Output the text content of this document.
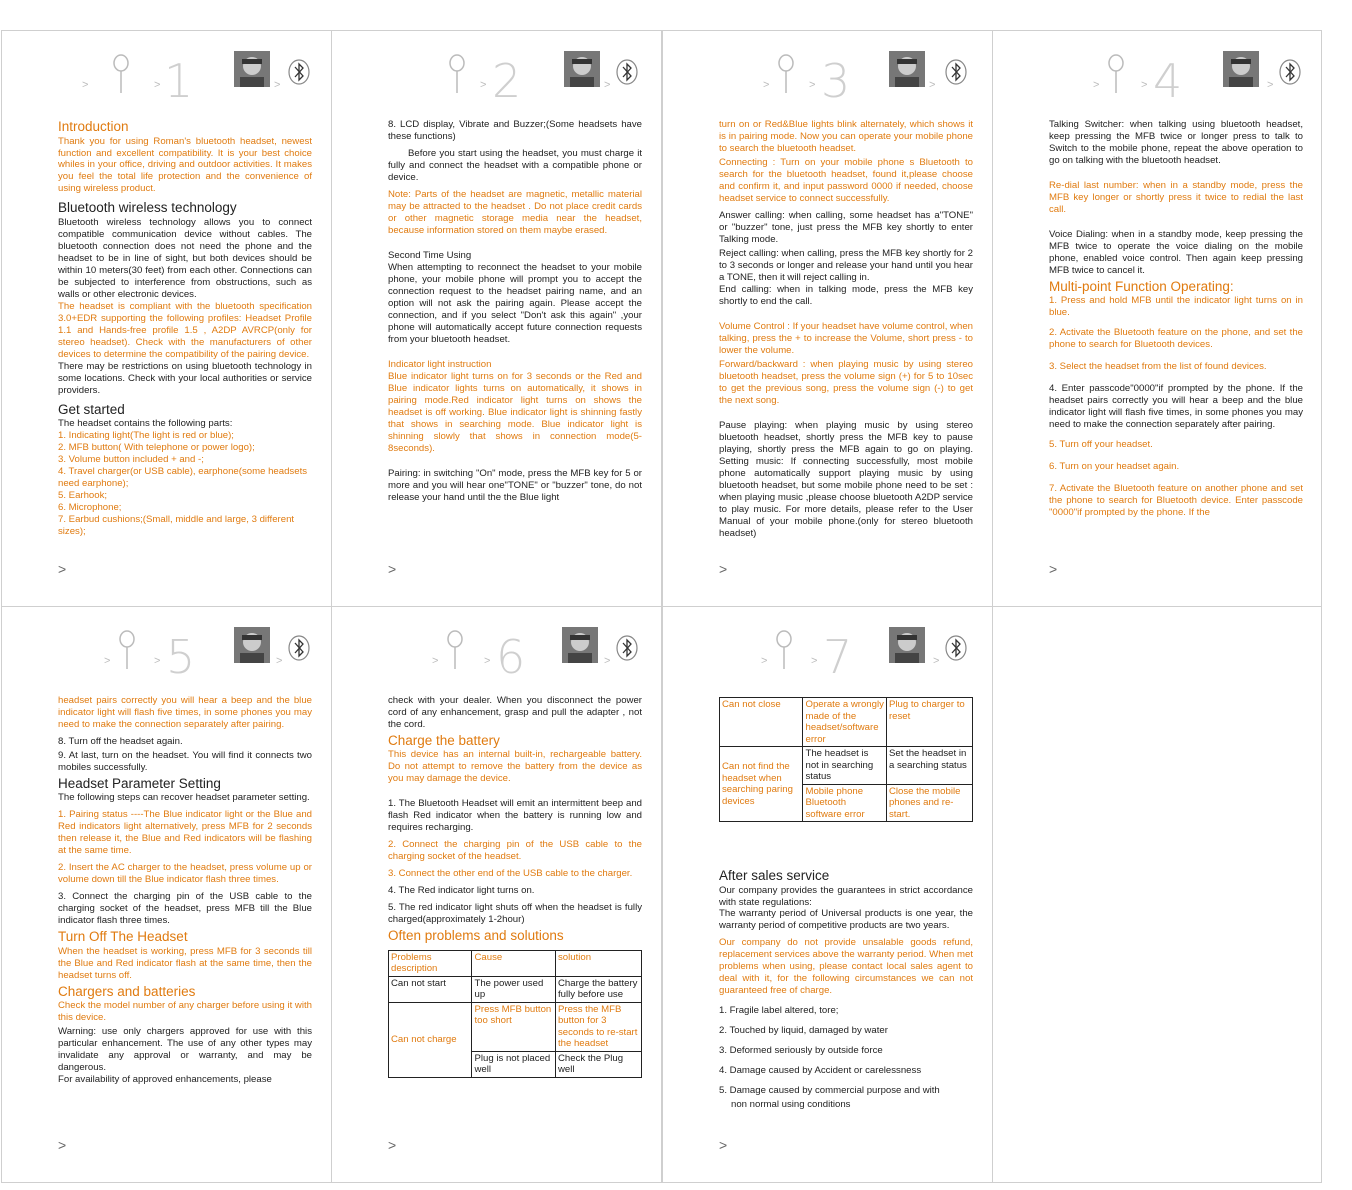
>	> 1	>
Introduction
Thank you for using Roman's bluetooth headset, newest function and excellent compatibility. It is your best choice whiles in your office, driving and outdoor activities. It makes you feel the total life protection and the convenience of using wireless product.
Bluetooth wireless technology
Bluetooth wireless technology allows you to connect compatible communication device without cables. The bluetooth connection does not need the phone and the headset to be in line of sight, but both devices should be within 10 meters(30 feet) from each other. Connections can be subjected to interference from obstructions, such as walls or other electronic devices.
The headset is compliant with the bluetooth specification 3.0+EDR supporting the following profiles: Headset Profile 1.1 and Hands-free profile 1.5 , A2DP AVRCP(only for stereo headset). Check with the manufacturers of other devices to determine the compatibility of the pairing device.
There may be restrictions on using bluetooth technology in some locations. Check with your local authorities or service providers.
Get started
The headset contains the following parts:
1. Indicating light(The light is red or blue);
2. MFB button( With telephone or power logo);
3. Volume button included + and -;
4. Travel charger(or USB cable), earphone(some headsets need earphone);
5. Earhook;
6. Microphone;
7. Earbud cushions;(Small, middle and large, 3 different sizes);
>
> 2	>
8. LCD display, Vibrate and Buzzer;(Some headsets have these functions)
Before you start using the headset, you must charge it fully and connect the headset with a compatible phone or device.
Note: Parts of the headset are magnetic, metallic material may be attracted to the headset . Do not place credit cards or other magnetic storage media near the headset, because information stored on them maybe erased.
Second Time Using
When attempting to reconnect the headset to your mobile phone, your mobile phone will prompt you to accept the connection request to the headset pairing name, and an option will not ask the pairing again. Please accept the connection, and if you select "Don't ask this again" ,your phone will automatically accept future connection requests from your bluetooth headset.
Indicator light instruction
Blue indicator light turns on for 3 seconds or the Red and Blue indicator lights turns on automatically, it shows in pairing mode.Red indicator light turns on shows the headset is off working. Blue indicator light is shinning fastly that shows in searching mode. Blue indicator light is shinning slowly that shows in connection mode(5-8seconds).
Pairing: in switching "On" mode, press the MFB key for 5 or more and you will hear one"TONE" or "buzzer" tone, do not release your hand until the the Blue light
>
>	> 3	>
turn on or Red&Blue lights blink alternately, which shows it is in pairing mode. Now you can operate your mobile phone to search the bluetooth headset.
Connecting : Turn on your mobile phone s Bluetooth to search for the bluetooth headset, found it,please choose and confirm it, and input password 0000 if needed, choose headset service to connect successfully.
Answer calling: when calling, some headset has a"TONE" or "buzzer" tone, just press the MFB key shortly to enter Talking mode.
Reject calling: when calling, press the MFB key shortly for 2 to 3 seconds or longer and release your hand until you hear a TONE, then it will reject calling in.
End calling: when in talking mode, press the MFB key shortly to end the call.
Volume Control : If your headset have volume control, when talking, press the + to increase the Volume, short press - to lower the volume.
Forward/backward : when playing music by using stereo bluetooth headset, press the volume sign (+) for 5 to 10sec to get the previous song, press the volume sign (-) to get the next song.
Pause playing: when playing music by using stereo bluetooth headset, shortly press the MFB key to pause playing, shortly press the MFB again to go on playing. Setting music: If connecting successfully, most mobile phone automatically support playing music by using bluetooth headset, but some mobile phone need to be set : when playing music ,please choose bluetooth A2DP service to play music. For more details, please refer to the User Manual of your mobile phone.(only for stereo bluetooth headset)
>
>	> 4	>
Talking Switcher: when talking using bluetooth headset, keep pressing the MFB twice or longer press to talk to Switch to the mobile phone, repeat the above operation to go on talking with the bluetooth headset.
Re-dial last number: when in a standby mode, press the MFB key longer or shortly press it twice to redial the last call.
Voice Dialing: when in a standby mode, keep pressing the MFB twice to operate the voice dialing on the mobile phone, enabled voice control. Then again keep pressing MFB twice to cancel it.
Multi-point Function Operating:
1. Press and hold MFB until the indicator light turns on in blue.
2. Activate the Bluetooth feature on the phone, and set the phone to search for Bluetooth devices.
3. Select the headset from the list of found devices.
4. Enter passcode"0000"if prompted by the phone. If the headset pairs correctly you will hear a beep and the blue indicator light will flash five times, in some phones you may need to make the connection separately after pairing.
5. Turn off your headset.
6. Turn on your headset again.
7. Activate the Bluetooth feature on another phone and set the phone to search for Bluetooth device. Enter passcode "0000"if prompted by the phone. If the
>
>	> 5	>
headset pairs correctly you will hear a beep and the blue indicator light will flash five times, in some phones you may need to make the connection separately after pairing.
8. Turn off the headset again.
9. At last, turn on the headset. You will find it connects two mobiles successfully.
Headset Parameter Setting
The following steps can recover headset parameter setting.
1. Pairing status ----The Blue indicator light or the Blue and Red indicators light alternatively, press MFB for 2 seconds then release it, the Blue and Red indicators will be flashing at the same time.
2. Insert the AC charger to the headset, press volume up or volume down till the Blue indicator flash three times.
3. Connect the charging pin of the USB cable to the charging socket of the headset, press MFB till the Blue indicator flash three times.
Turn Off The Headset
When the headset is working, press MFB for 3 seconds till the Blue and Red indicator flash at the same time, then the headset turns off.
Chargers and batteries
Check the model number of any charger before using it with this device.
Warning: use only chargers approved for use with this particular enhancement. The use of any other types may invalidate any approval or warranty, and may be dangerous.
For availability of approved enhancements, please
>
>	> 6	>
check with your dealer. When you disconnect the power cord of any enhancement, grasp and pull the adapter , not the cord.
Charge the battery
This device has an internal built-in, rechargeable battery. Do not attempt to remove the battery from the device as you may damage the device.
1. The Bluetooth Headset will emit an intermittent beep and flash Red indicator when the battery is running low and requires recharging.
2. Connect the charging pin of the USB cable to the charging socket of the headset.
3. Connect the other end of the USB cable to the charger.
4. The Red indicator light turns on.
5. The red indicator light shuts off when the headset is fully charged(approximately 1-2hour)
Often problems and solutions
Problems description	Cause	solution
Can not start	The power used up	Charge the battery fully before use
Can not charge	Press MFB button too short	Press the MFB button for 3 seconds to re-start the headset
	Plug is not placed well	Check the Plug well
>
>	> 7	>
Can not close	Operate a wrongly made of the headset/software error	Plug to charger to reset
Can not find the headset when searching paring devices	The headset is not in searching status	Set the headset in a searching status
	Mobile phone Bluetooth software error	Close the mobile phones and re-start.
After sales service
Our company provides the guarantees in strict accordance with state regulations:
The warranty period of Universal products is one year, the warranty period of competitive products are two years.
Our company do not provide unsalable goods refund, replacement services above the warranty period. When met problems when using, please contact local sales agent to deal with it, for the following circumstances we can not guaranteed free of charge.
1. Fragile label altered, tore;
2. Touched by liquid, damaged by water
3. Deformed seriously by outside force
4. Damage caused by Accident or carelessness
5. Damage caused by commercial purpose and with
non normal using conditions
>
